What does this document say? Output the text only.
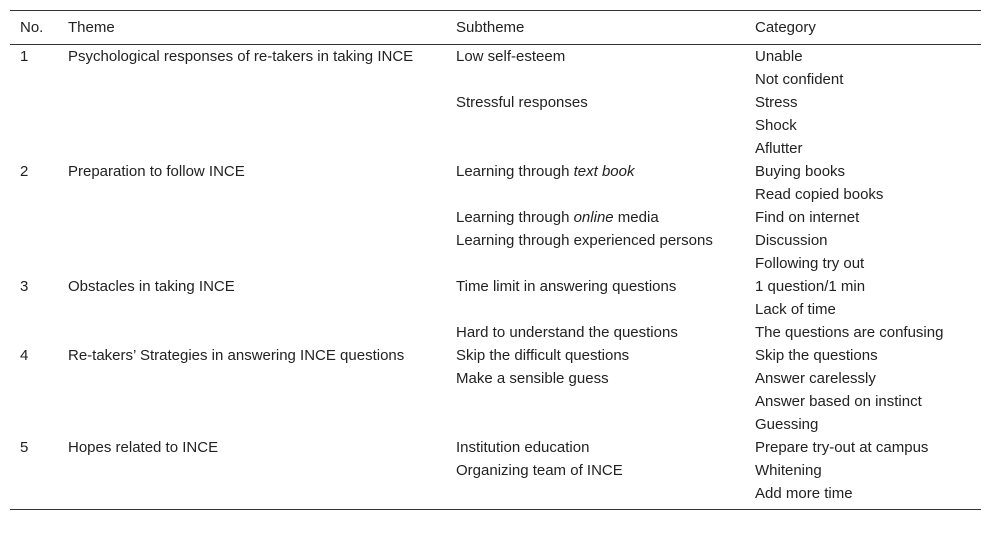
No.	Theme	Subtheme	Category
1	Psychological responses of re-takers in taking INCE	Low self-esteem	Unable
			Not confident
		Stressful responses	Stress
			Shock
			Aflutter
2	Preparation to follow INCE	Learning through text book	Buying books
			Read copied books
		Learning through online media	Find on internet
		Learning through experienced persons	Discussion
			Following try out
3	Obstacles in taking INCE	Time limit in answering questions	1 question/1 min
			Lack of time
		Hard to understand the questions	The questions are confusing
4	Re-takers’ Strategies in answering INCE questions	Skip the difficult questions	Skip the questions
		Make a sensible guess	Answer carelessly
			Answer based on instinct
			Guessing
5	Hopes related to INCE	Institution education	Prepare try-out at campus
		Organizing team of INCE	Whitening
			Add more time
